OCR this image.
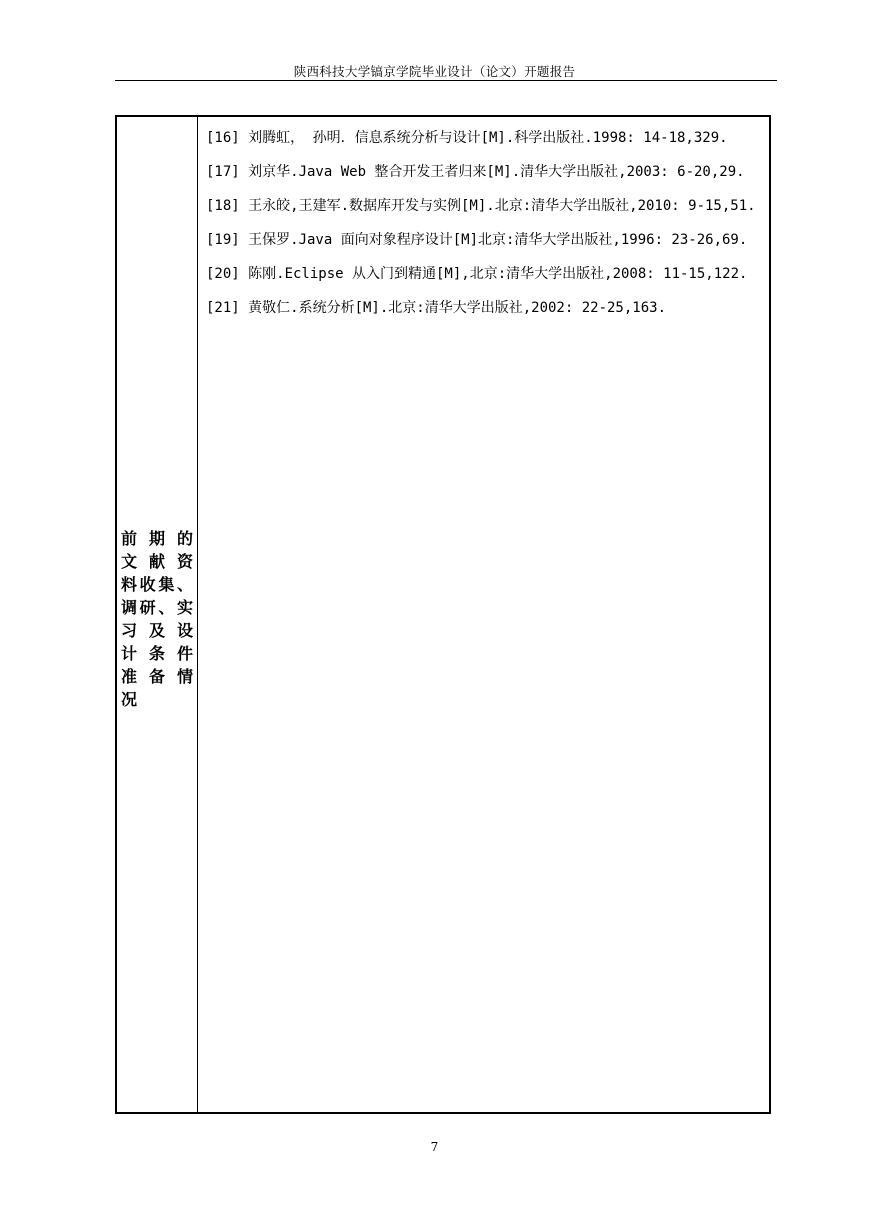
陕西科技大学镐京学院毕业设计（论文）开题报告
前 期 的
文 献 资
料收集、
调研、实
习 及 设
计 条 件
准 备 情
况
[16] 刘腾虹， 孙明．信息系统分析与设计[M].科学出版社.1998: 14-18,329.
[17] 刘京华.Java Web 整合开发王者归来[M].清华大学出版社,2003: 6-20,29.
[18] 王永皎,王建军.数据库开发与实例[M].北京:清华大学出版社,2010: 9-15,51.
[19] 王保罗.Java 面向对象程序设计[M]北京:清华大学出版社,1996: 23-26,69.
[20] 陈刚.Eclipse 从入门到精通[M],北京:清华大学出版社,2008: 11-15,122.
[21] 黄敬仁.系统分析[M].北京:清华大学出版社,2002: 22-25,163.
7
